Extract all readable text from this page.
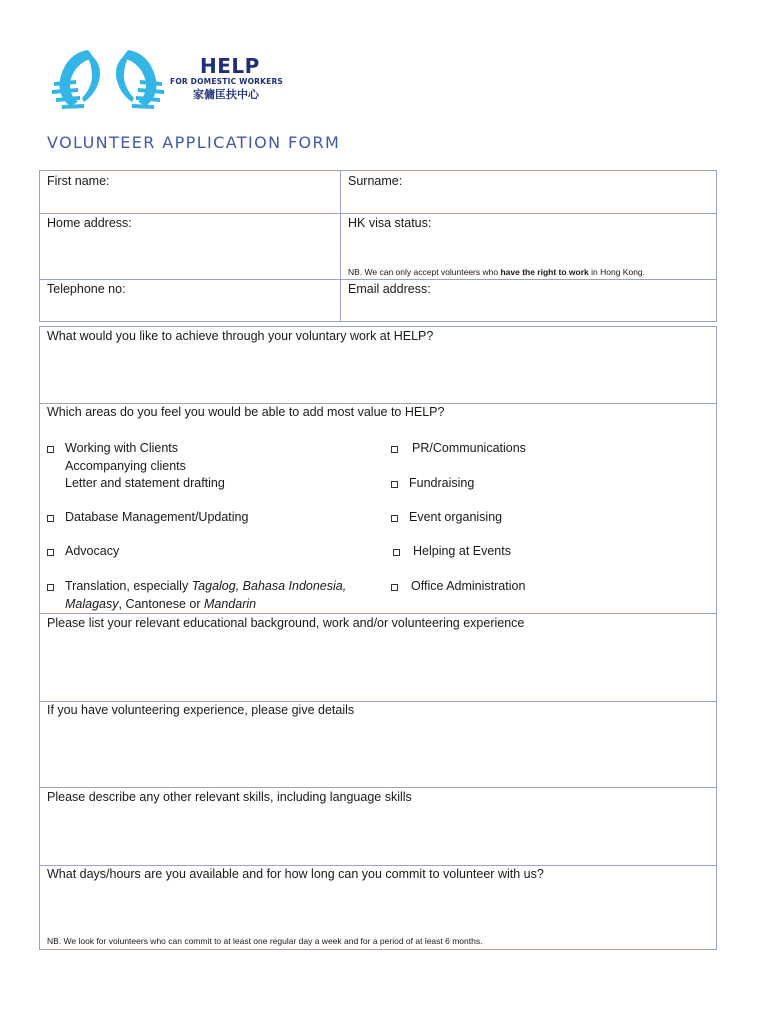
HELP
FOR DOMESTIC WORKERS
家傭匡扶中心
VOLUNTEER APPLICATION FORM
First name:	Surname:
Home address:	HK visa status:
NB. We can only accept volunteers who have the right to work in Hong Kong.
Telephone no:	Email address:
What would you like to achieve through your voluntary work at HELP?
Which areas do you feel you would be able to add most value to HELP?
Working with Clients
Accompanying clients
Letter and statement drafting
Database Management/Updating
Advocacy
Translation, especially Tagalog, Bahasa Indonesia,
Malagasy, Cantonese or Mandarin
PR/Communications
Fundraising
Event organising
Helping at Events
Office Administration
Please list your relevant educational background, work and/or volunteering experience
If you have volunteering experience, please give details
Please describe any other relevant skills, including language skills
What days/hours are you available and for how long can you commit to volunteer with us?
NB. We look for volunteers who can commit to at least one regular day a week and for a period of at least 6 months.
